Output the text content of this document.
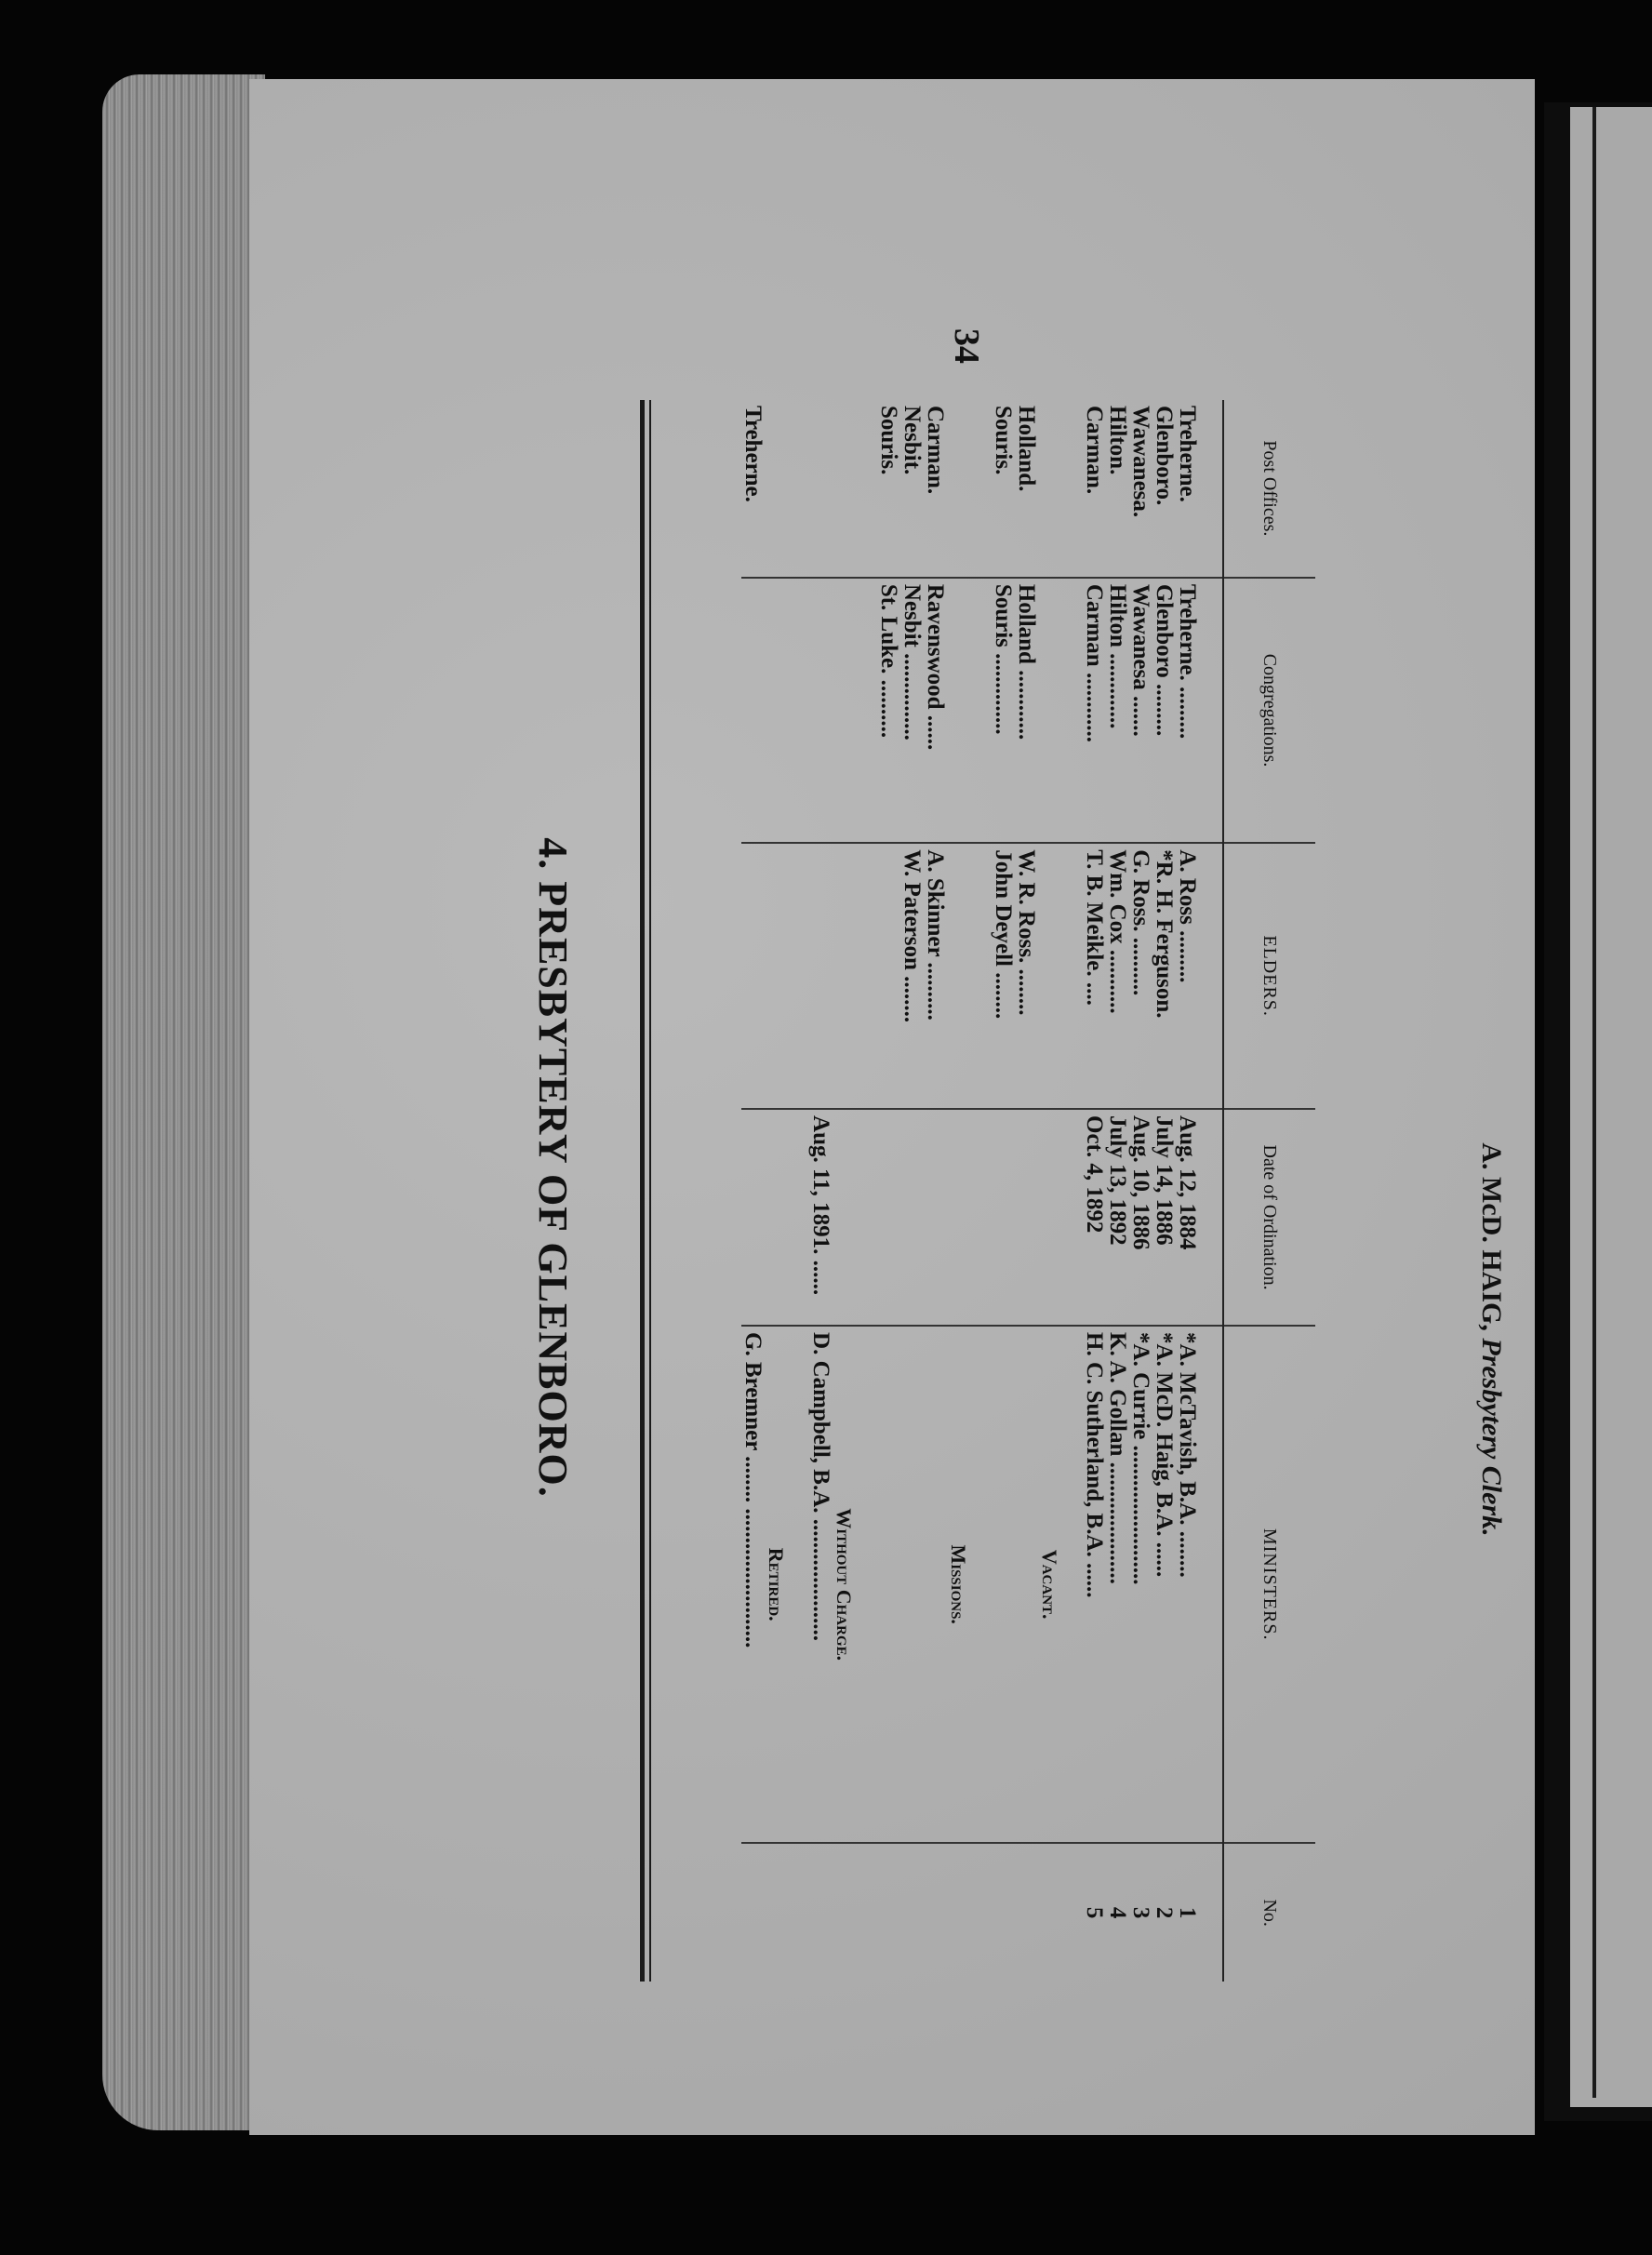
4. PRESBYTERY OF GLENBORO.
Post Offices.	Congregations.	ELDERS.	Date of Ordination.	MINISTERS.	No.

Treherne.	Treherne. .........	A. Ross .........	Aug. 12, 1884	*A. McTavish, B.A. ........	1
Glenboro.	Glenboro .........	*R. H. Ferguson.	July 14, 1886	*A. McD. Haig, B.A. ......	2
Wawanesa.	Wawanesa .......	G. Ross. ..........	Aug. 10, 1886	*A. Currie ........................	3
Hilton.	Hilton .............	Wm. Cox ...........	July 13, 1892	K. A. Gollan .....................	4
Carman.	Carman ............	T. B. Meikle. ....	Oct. 4, 1892	H. C. Sutherland, B.A. ......	5
				Vacant.	
Holland.	Holland ............	W. R. Ross. ........			
Souris.	Souris ..............	John Deyell ........			
				Missions.	
Carman.	Ravenswood ......	A. Skinner ..........			
Nesbit.	Nesbit ...............	W. Paterson ........			
Souris.	St. Luke. ..........				
				Without Charge.	
			Aug. 11, 1891. ......	D. Campbell, B.A. .....................	
				Retired.	
Treherne.				G. Bremner ........ ........................	
A. McD. HAIG, Presbytery Clerk.
34
